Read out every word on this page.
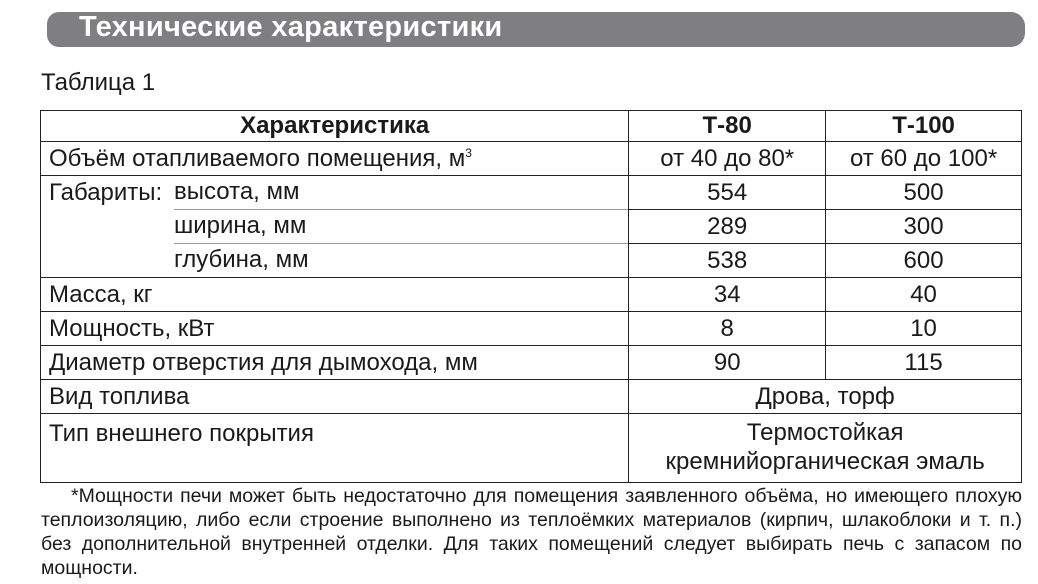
Технические характеристики
Таблица 1
Характеристика	Т-80	Т-100
Объём отапливаемого помещения, $м^3$	от 40 до 80*	от 60 до 100*

Габариты: высота, мм	554	500

ширина, мм	289	300

глубина, мм	538	600
Масса, кг	34	40
Мощность, кВт	8	10
Диаметр отверстия для дымохода, мм	90	115
Вид топлива	Дрова, торф	
Тип внешнего покрытия	Термостойкая
кремнийорганическая эмаль	

*Мощности печи может быть недостаточно для помещения заявленного объёма, но имеющего плохую теплоизоляцию, либо если строение выполнено из теплоёмких материалов (кирпич, шлакоблоки и т. п.) без дополнительной внутренней отделки. Для таких помещений следует выбирать печь с запасом по мощности.
